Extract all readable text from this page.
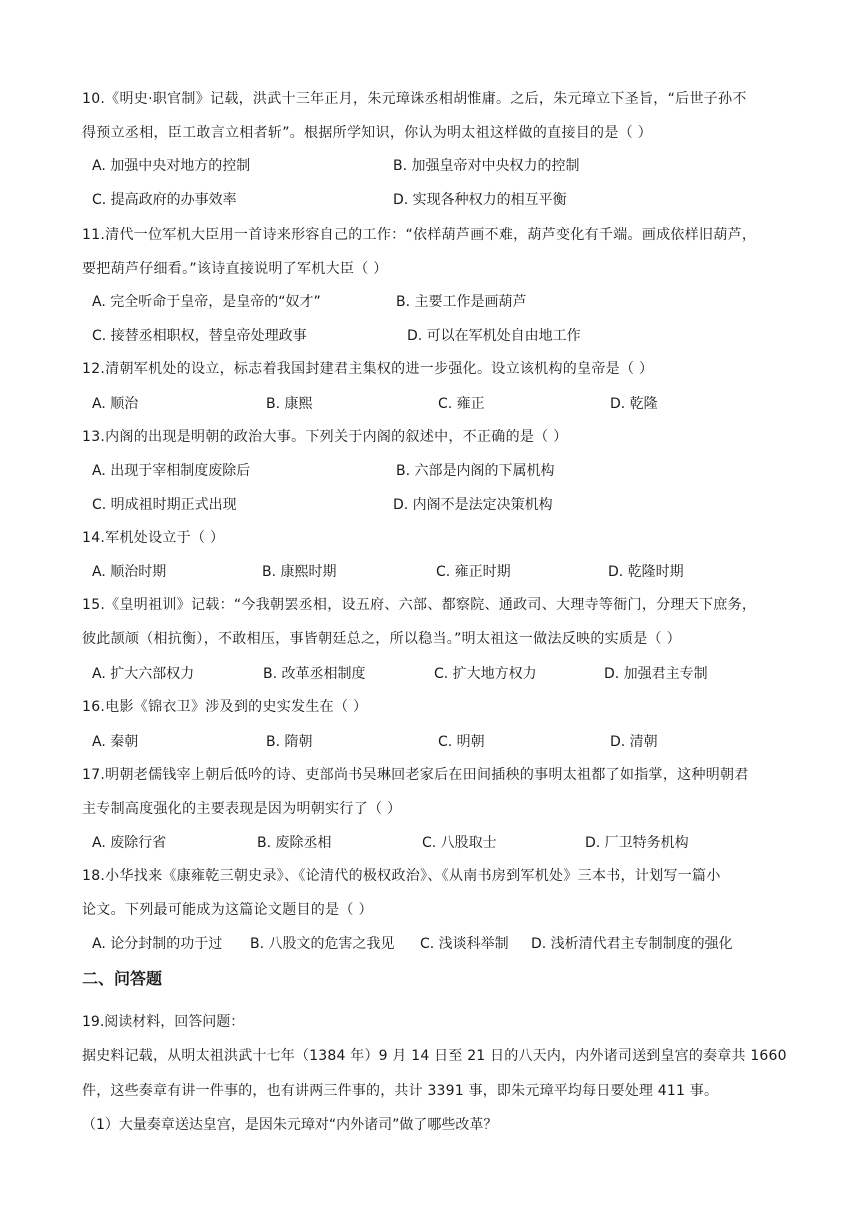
10.《明史·职官制》记载，洪武十三年正月，朱元璋诛丞相胡惟庸。之后，朱元璋立下圣旨，“后世子孙不
得预立丞相，臣工敢言立相者斩”。根据所学知识，你认为明太祖这样做的直接目的是（ ）
A. 加强中央对地方的控制	B. 加强皇帝对中央权力的控制
C. 提高政府的办事效率	D. 实现各种权力的相互平衡
11.清代一位军机大臣用一首诗来形容自己的工作：“依样葫芦画不难，葫芦变化有千端。画成依样旧葫芦，
要把葫芦仔细看。”该诗直接说明了军机大臣（ ）
A. 完全听命于皇帝，是皇帝的“奴才”	B. 主要工作是画葫芦
C. 接替丞相职权，替皇帝处理政事	D. 可以在军机处自由地工作
12.清朝军机处的设立，标志着我国封建君主集权的进一步强化。设立该机构的皇帝是（ ）
A. 顺治	B. 康熙	C. 雍正	D. 乾隆
13.内阁的出现是明朝的政治大事。下列关于内阁的叙述中，不正确的是（ ）
A. 出现于宰相制度废除后	B. 六部是内阁的下属机构
C. 明成祖时期正式出现	D. 内阁不是法定决策机构
14.军机处设立于（ ）
A. 顺治时期	B. 康熙时期	C. 雍正时期	D. 乾隆时期
15.《皇明祖训》记载：“今我朝罢丞相，设五府、六部、都察院、通政司、大理寺等衙门，分理天下庶务，
彼此颉颃（相抗衡），不敢相压，事皆朝廷总之，所以稳当。”明太祖这一做法反映的实质是（ ）
A. 扩大六部权力	B. 改革丞相制度	C. 扩大地方权力	D. 加强君主专制
16.电影《锦衣卫》涉及到的史实发生在（ ）
A. 秦朝	B. 隋朝	C. 明朝	D. 清朝
17.明朝老儒钱宰上朝后低吟的诗、吏部尚书吴琳回老家后在田间插秧的事明太祖都了如指掌，这种明朝君
主专制高度强化的主要表现是因为明朝实行了（ ）
A. 废除行省	B. 废除丞相	C. 八股取士	D. 厂卫特务机构
18.小华找来《康雍乾三朝史录》、《论清代的极权政治》、《从南书房到军机处》三本书，计划写一篇小
论文。下列最可能成为这篇论文题目的是（ ）
A. 论分封制的功于过 B. 八股文的危害之我见 C. 浅谈科举制 D. 浅析清代君主专制制度的强化
二、问答题
19.阅读材料，回答问题：
据史料记载，从明太祖洪武十七年（1384 年）9 月 14 日至 21 日的八天内，内外诸司送到皇宫的奏章共 1660
件，这些奏章有讲一件事的，也有讲两三件事的，共计 3391 事，即朱元璋平均每日要处理 411 事。
（1）大量奏章送达皇宫，是因朱元璋对“内外诸司”做了哪些改革？
